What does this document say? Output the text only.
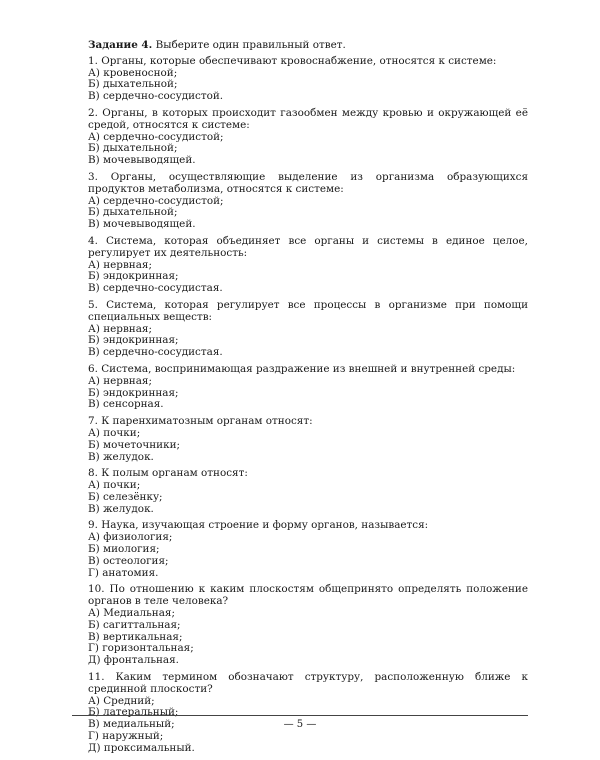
Задание 4. Выберите один правильный ответ.
1. Органы, которые обеспечивают кровоснабжение, относятся к системе:
А) кровеносной;
Б) дыхательной;
В) сердечно-сосудистой.
2. Органы, в которых происходит газообмен между кровью и окружающей её средой, относятся к системе:
А) сердечно-сосудистой;
Б) дыхательной;
В) мочевыводящей.
3. Органы, осуществляющие выделение из организма образующихся продуктов метаболизма, относятся к системе:
А) сердечно-сосудистой;
Б) дыхательной;
В) мочевыводящей.
4. Система, которая объединяет все органы и системы в единое целое, регулирует их деятельность:
А) нервная;
Б) эндокринная;
В) сердечно-сосудистая.
5. Система, которая регулирует все процессы в организме при помощи специальных веществ:
А) нервная;
Б) эндокринная;
В) сердечно-сосудистая.
6. Система, воспринимающая раздражение из внешней и внутренней среды:
А) нервная;
Б) эндокринная;
В) сенсорная.
7. К паренхиматозным органам относят:
А) почки;
Б) мочеточники;
В) желудок.
8. К полым органам относят:
А) почки;
Б) селезёнку;
В) желудок.
9. Наука, изучающая строение и форму органов, называется:
А) физиология;
Б) миология;
В) остеология;
Г) анатомия.
10. По отношению к каким плоскостям общепринято определять положение органов в теле человека?
А) Медиальная;
Б) сагиттальная;
В) вертикальная;
Г) горизонтальная;
Д) фронтальная.
11. Каким термином обозначают структуру, расположенную ближе к срединной плоскости?
А) Средний;
Б) латеральный;
В) медиальный;
Г) наружный;
Д) проксимальный.
— 5 —
